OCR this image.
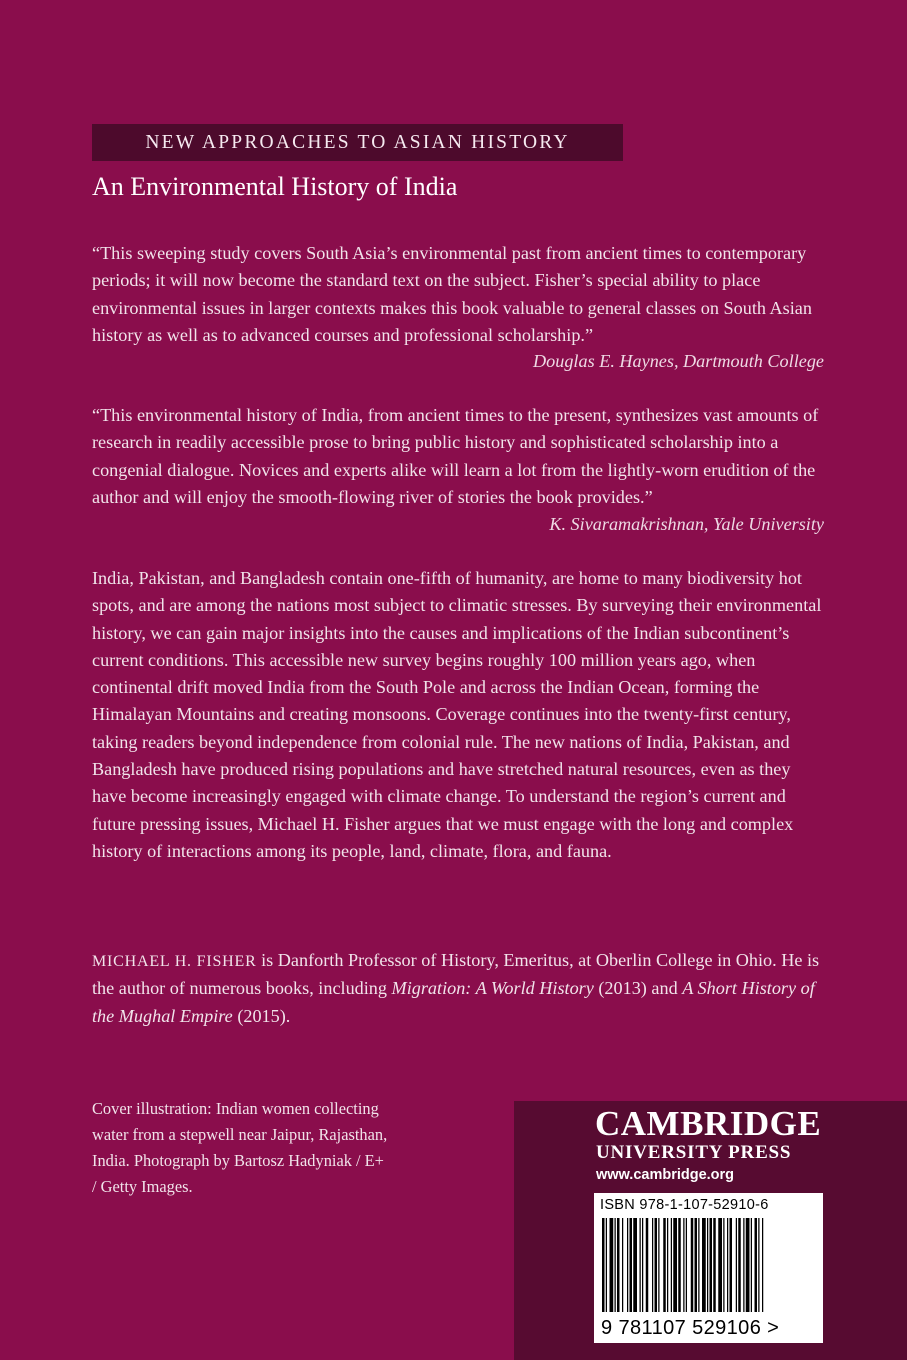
NEW APPROACHES TO ASIAN HISTORY
An Environmental History of India
“This sweeping study covers South Asia’s environmental past from ancient times to contemporary periods; it will now become the standard text on the subject. Fisher’s special ability to place environmental issues in larger contexts makes this book valuable to general classes on South Asian history as well as to advanced courses and professional scholarship.”
Douglas E. Haynes, Dartmouth College
“This environmental history of India, from ancient times to the present, synthesizes vast amounts of research in readily accessible prose to bring public history and sophisticated scholarship into a congenial dialogue. Novices and experts alike will learn a lot from the lightly-worn erudition of the author and will enjoy the smooth-flowing river of stories the book provides.”
K. Sivaramakrishnan, Yale University
India, Pakistan, and Bangladesh contain one-fifth of humanity, are home to many biodiversity hot spots, and are among the nations most subject to climatic stresses. By surveying their environmental history, we can gain major insights into the causes and implications of the Indian subcontinent’s current conditions. This accessible new survey begins roughly 100 million years ago, when continental drift moved India from the South Pole and across the Indian Ocean, forming the Himalayan Mountains and creating monsoons. Coverage continues into the twenty-first century, taking readers beyond independence from colonial rule. The new nations of India, Pakistan, and Bangladesh have produced rising populations and have stretched natural resources, even as they have become increasingly engaged with climate change. To understand the region’s current and future pressing issues, Michael H. Fisher argues that we must engage with the long and complex history of interactions among its people, land, climate, flora, and fauna.
MICHAEL H. FISHER is Danforth Professor of History, Emeritus, at Oberlin College in Ohio. He is the author of numerous books, including Migration: A World History (2013) and A Short History of the Mughal Empire (2015).
Cover illustration: Indian women collecting water from a stepwell near Jaipur, Rajasthan, India. Photograph by Bartosz Hadyniak / E+ / Getty Images.
CAMBRIDGE
UNIVERSITY PRESS
www.cambridge.org
ISBN 978-1-107-52910-6
9 781107 529106 >
